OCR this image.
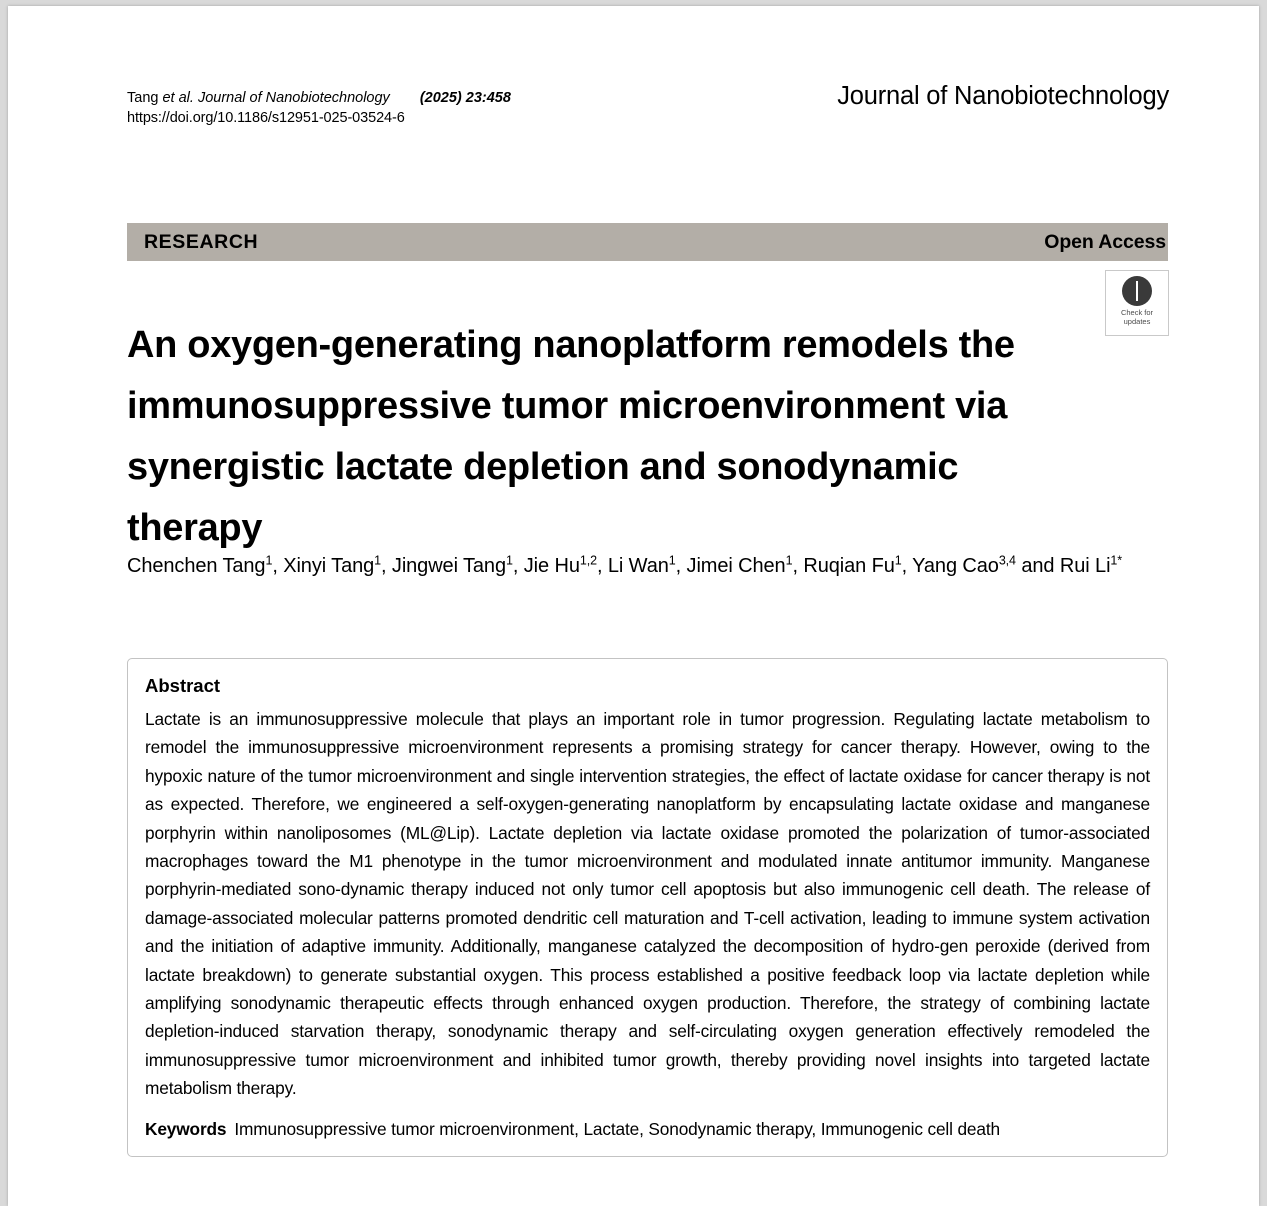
Tang et al. Journal of Nanobiotechnology (2025) 23:458
https://doi.org/10.1186/s12951-025-03524-6
Journal of Nanobiotechnology
RESEARCH	Open Access
Check for
updates
An oxygen-generating nanoplatform remodels the immunosuppressive tumor microenvironment via synergistic lactate depletion and sonodynamic therapy
Chenchen Tang$^1$, Xinyi Tang$^1$, Jingwei Tang$^1$, Jie Hu$^{1,2}$, Li Wan$^1$, Jimei Chen$^1$, Ruqian Fu$^1$, Yang Cao$^{3,4}$ and Rui $Li^{1*}$
Abstract
Lactate is an immunosuppressive molecule that plays an important role in tumor progression. Regulating lactate metabolism to remodel the immunosuppressive microenvironment represents a promising strategy for cancer therapy. However, owing to the hypoxic nature of the tumor microenvironment and single intervention strategies, the effect of lactate oxidase for cancer therapy is not as expected. Therefore, we engineered a self-oxygen-generating nanoplatform by encapsulating lactate oxidase and manganese porphyrin within nanoliposomes (ML@Lip). Lactate depletion via lactate oxidase promoted the polarization of tumor-associated macrophages toward the M1 phenotype in the tumor microenvironment and modulated innate antitumor immunity. Manganese porphyrin-mediated sono-dynamic therapy induced not only tumor cell apoptosis but also immunogenic cell death. The release of damage-associated molecular patterns promoted dendritic cell maturation and T-cell activation, leading to immune system activation and the initiation of adaptive immunity. Additionally, manganese catalyzed the decomposition of hydro-gen peroxide (derived from lactate breakdown) to generate substantial oxygen. This process established a positive feedback loop via lactate depletion while amplifying sonodynamic therapeutic effects through enhanced oxygen production. Therefore, the strategy of combining lactate depletion-induced starvation therapy, sonodynamic therapy and self-circulating oxygen generation effectively remodeled the immunosuppressive tumor microenvironment and inhibited tumor growth, thereby providing novel insights into targeted lactate metabolism therapy.
Keywords Immunosuppressive tumor microenvironment, Lactate, Sonodynamic therapy, Immunogenic cell death
